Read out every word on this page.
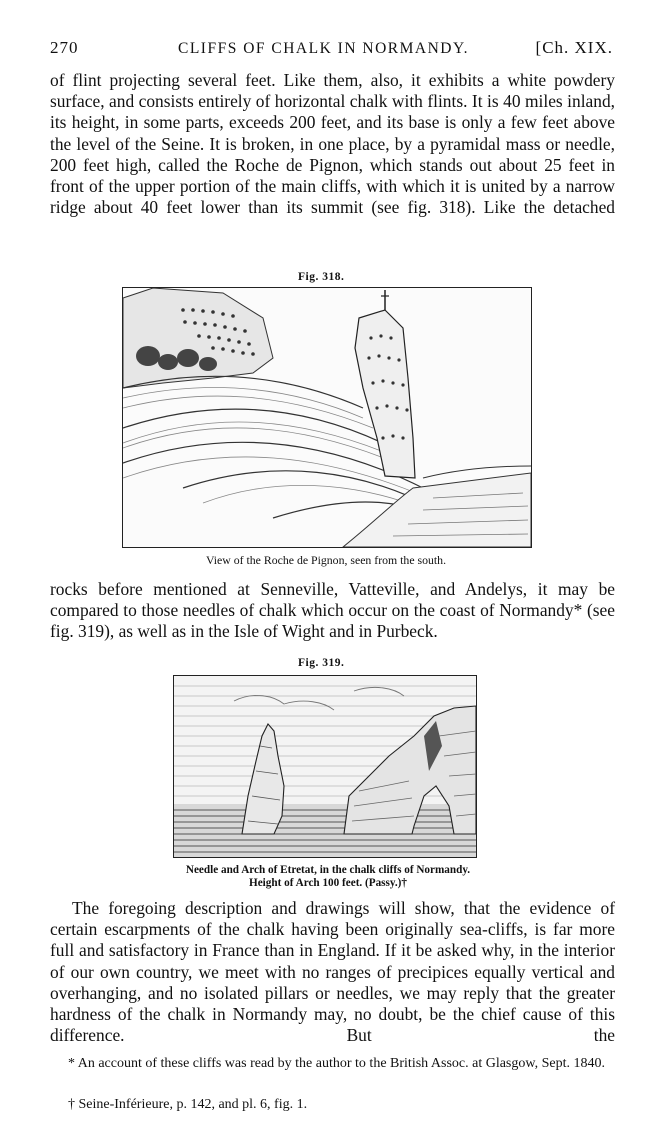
270	CLIFFS OF CHALK IN NORMANDY.	[Ch. XIX.

of flint projecting several feet. Like them, also, it exhibits a white powdery surface, and consists entirely of horizontal chalk with flints. It is 40 miles inland, its height, in some parts, exceeds 200 feet, and its base is only a few feet above the level of the Seine. It is broken, in one place, by a pyramidal mass or needle, 200 feet high, called the Roche de Pignon, which stands out about 25 feet in front of the upper portion of the main cliffs, with which it is united by a narrow ridge about 40 feet lower than its summit (see fig. 318). Like the detached

Fig. 318.
View of the Roche de Pignon, seen from the south.

rocks before mentioned at Senneville, Vatteville, and Andelys, it may be compared to those needles of chalk which occur on the coast of Normandy* (see fig. 319), as well as in the Isle of Wight and in Purbeck.

Fig. 319.
Needle and Arch of Etretat, in the chalk cliffs of Normandy.
Height of Arch 100 feet. (Passy.)†

The foregoing description and drawings will show, that the evidence of certain escarpments of the chalk having been originally sea-cliffs, is far more full and satisfactory in France than in England. If it be asked why, in the interior of our own country, we meet with no ranges of precipices equally vertical and overhanging, and no isolated pillars or needles, we may reply that the greater hardness of the chalk in Normandy may, no doubt, be the chief cause of this difference. But the

* An account of these cliffs was read by the author to the British Assoc. at Glasgow, Sept. 1840.

† Seine-Inférieure, p. 142, and pl. 6, fig. 1.
